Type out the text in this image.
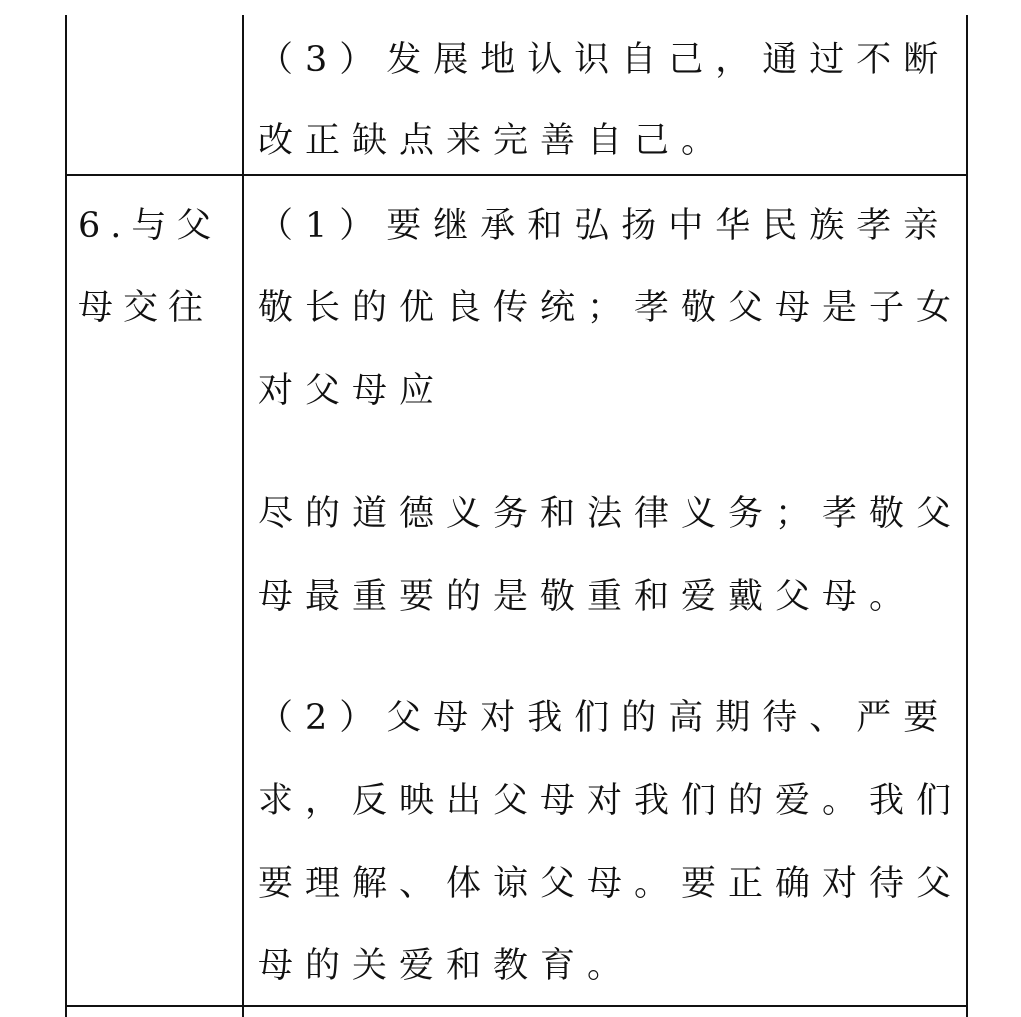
（3）发展地认识自己，通过不断
改正缺点来完善自己。
6.与父
母交往
（1）要继承和弘扬中华民族孝亲
敬长的优良传统；孝敬父母是子女
对父母应
尽的道德义务和法律义务；孝敬父
母最重要的是敬重和爱戴父母。
（2）父母对我们的高期待、严要
求，反映出父母对我们的爱。我们
要理解、体谅父母。要正确对待父
母的关爱和教育。
